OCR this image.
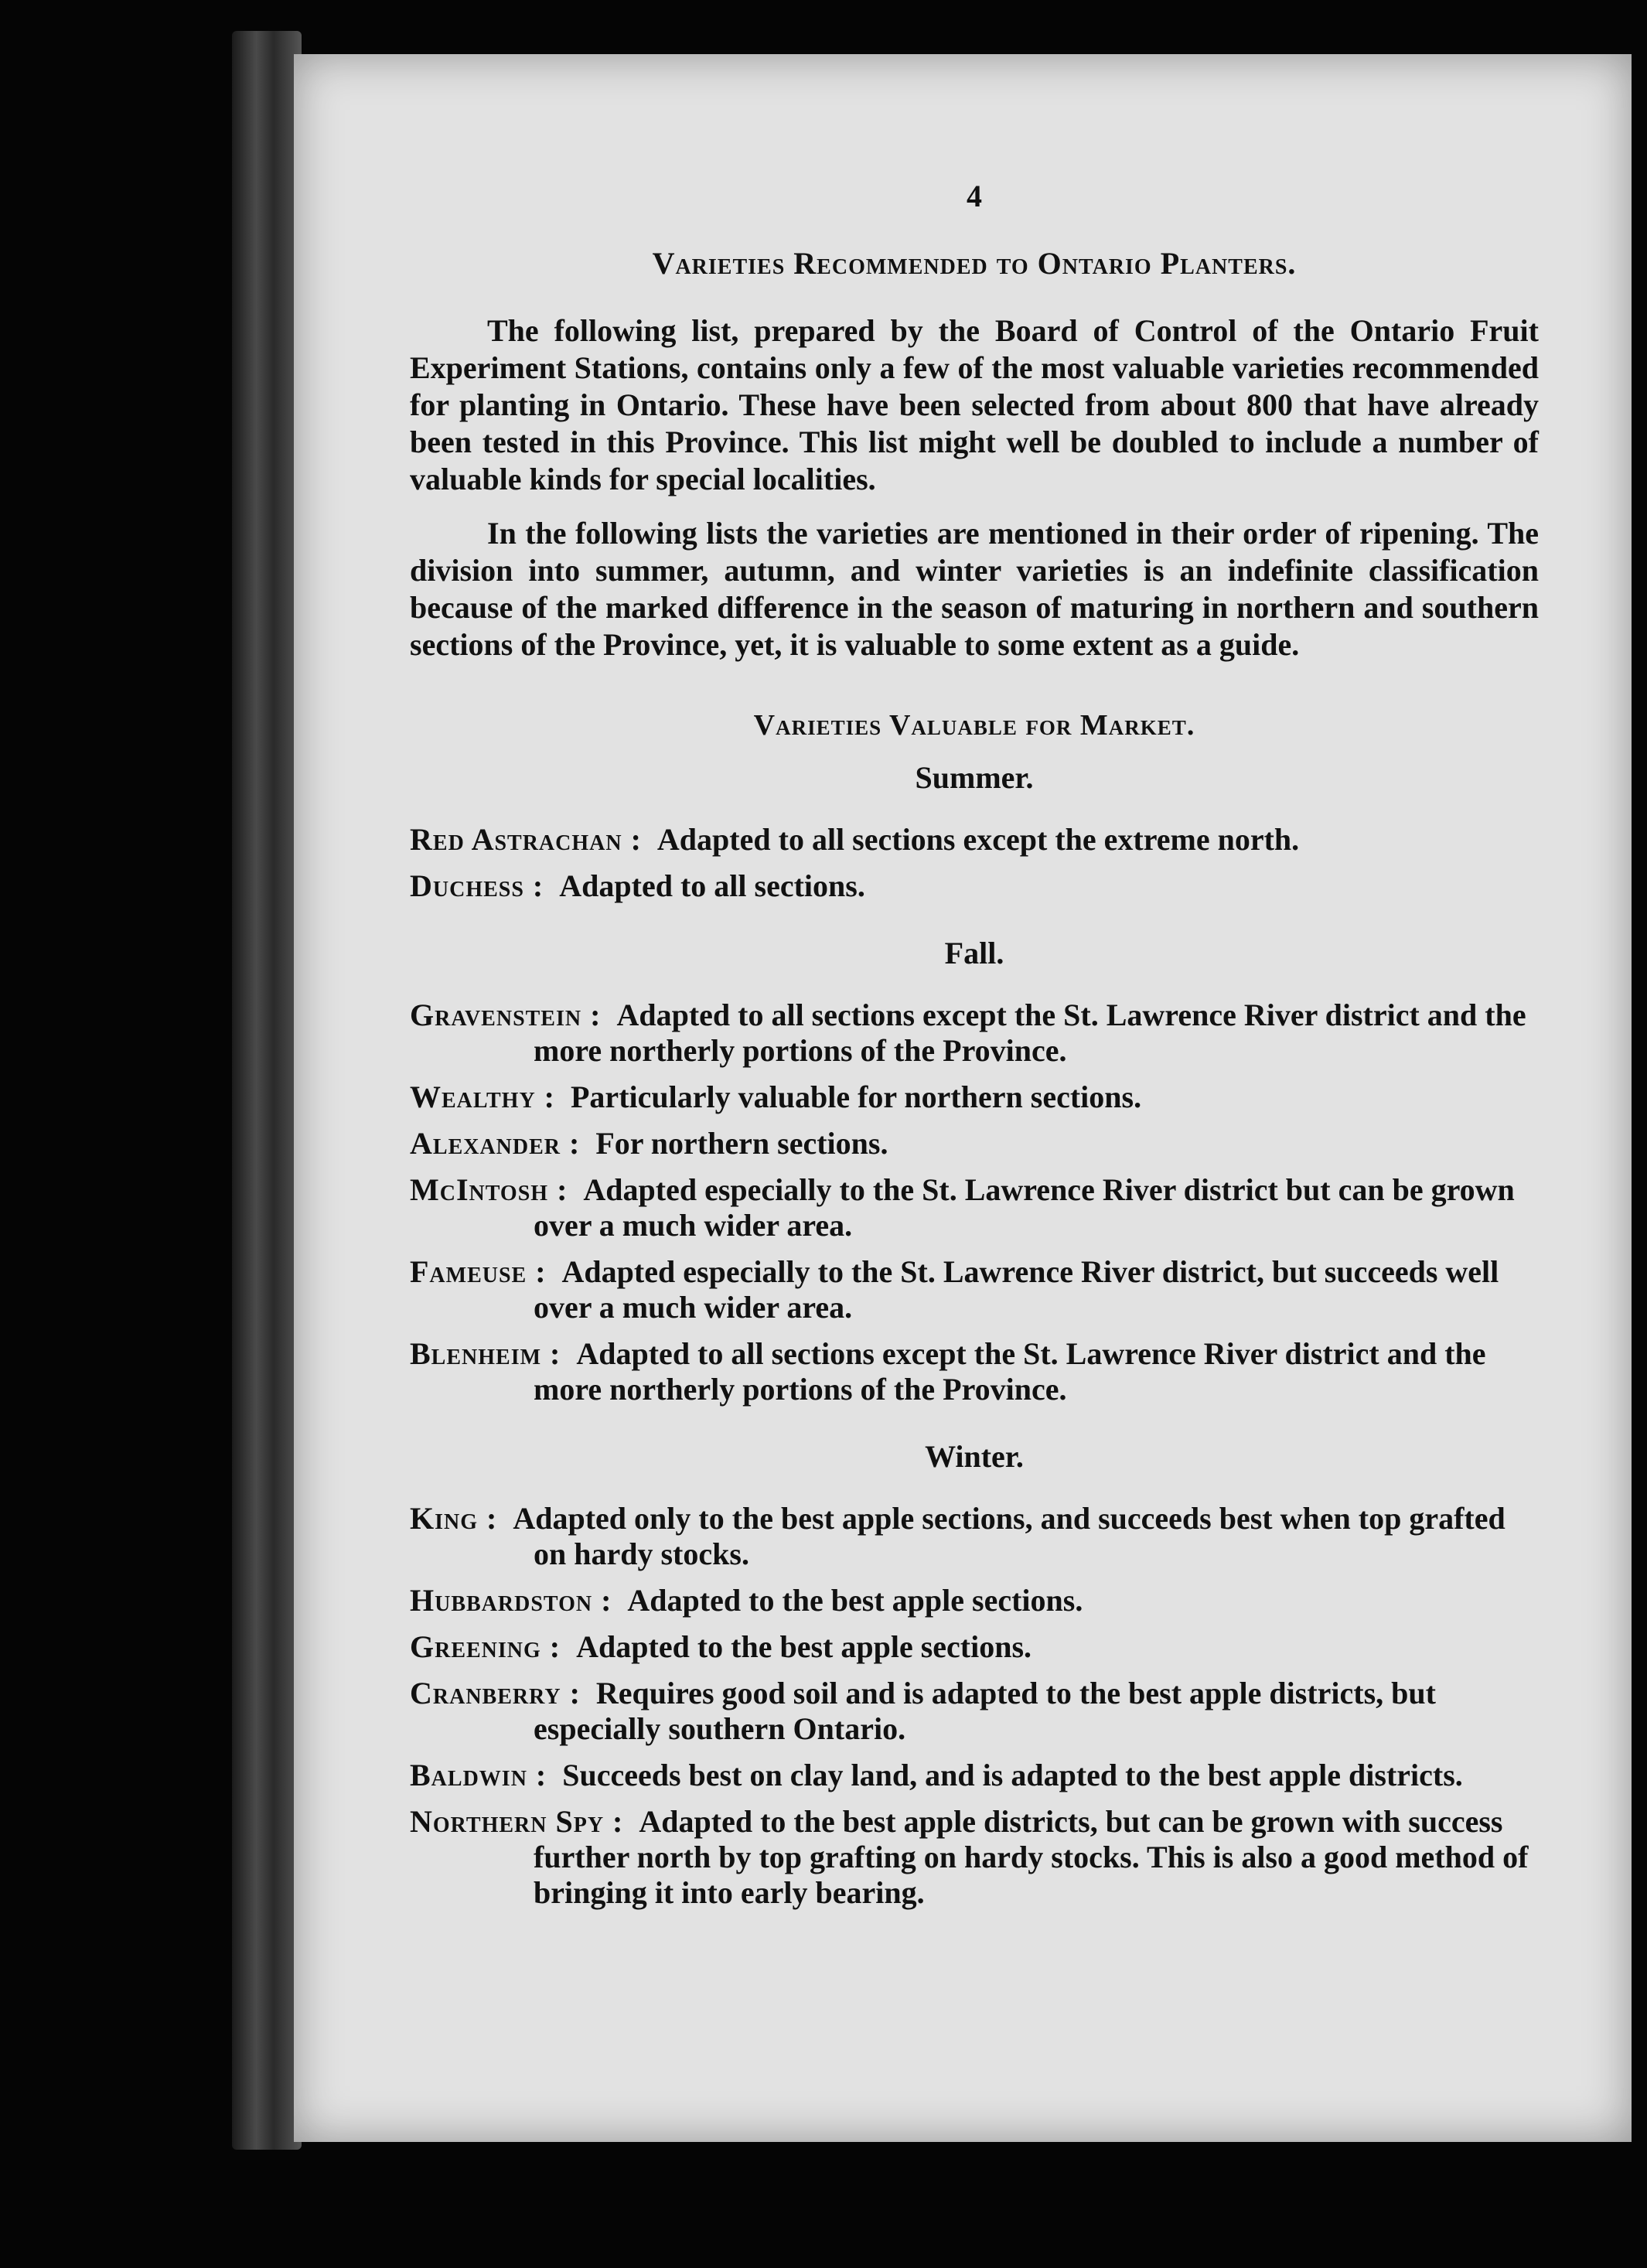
4
Varieties Recommended to Ontario Planters.

The following list, prepared by the Board of Control of the Ontario Fruit Experiment Stations, contains only a few of the most valuable varieties recommended for planting in Ontario. These have been selected from about 800 that have already been tested in this Province. This list might well be doubled to include a number of valuable kinds for special localities.

In the following lists the varieties are mentioned in their order of ripening. The division into summer, autumn, and winter varieties is an indefinite classification because of the marked difference in the season of maturing in northern and southern sections of the Province, yet, it is valuable to some extent as a guide.

Varieties Valuable for Market.
Summer.
Red Astrachan : Adapted to all sections except the extreme north.
Duchess : Adapted to all sections.
Fall.
Gravenstein : Adapted to all sections except the St. Lawrence River district and the more northerly portions of the Province.
Wealthy : Particularly valuable for northern sections.
Alexander : For northern sections.
McIntosh : Adapted especially to the St. Lawrence River district but can be grown over a much wider area.
Fameuse : Adapted especially to the St. Lawrence River district, but succeeds well over a much wider area.
Blenheim : Adapted to all sections except the St. Lawrence River district and the more northerly portions of the Province.
Winter.
King : Adapted only to the best apple sections, and succeeds best when top grafted on hardy stocks.
Hubbardston : Adapted to the best apple sections.
Greening : Adapted to the best apple sections.
Cranberry : Requires good soil and is adapted to the best apple districts, but especially southern Ontario.
Baldwin : Succeeds best on clay land, and is adapted to the best apple districts.
Northern Spy : Adapted to the best apple districts, but can be grown with success further north by top grafting on hardy stocks. This is also a good method of bringing it into early bearing.
